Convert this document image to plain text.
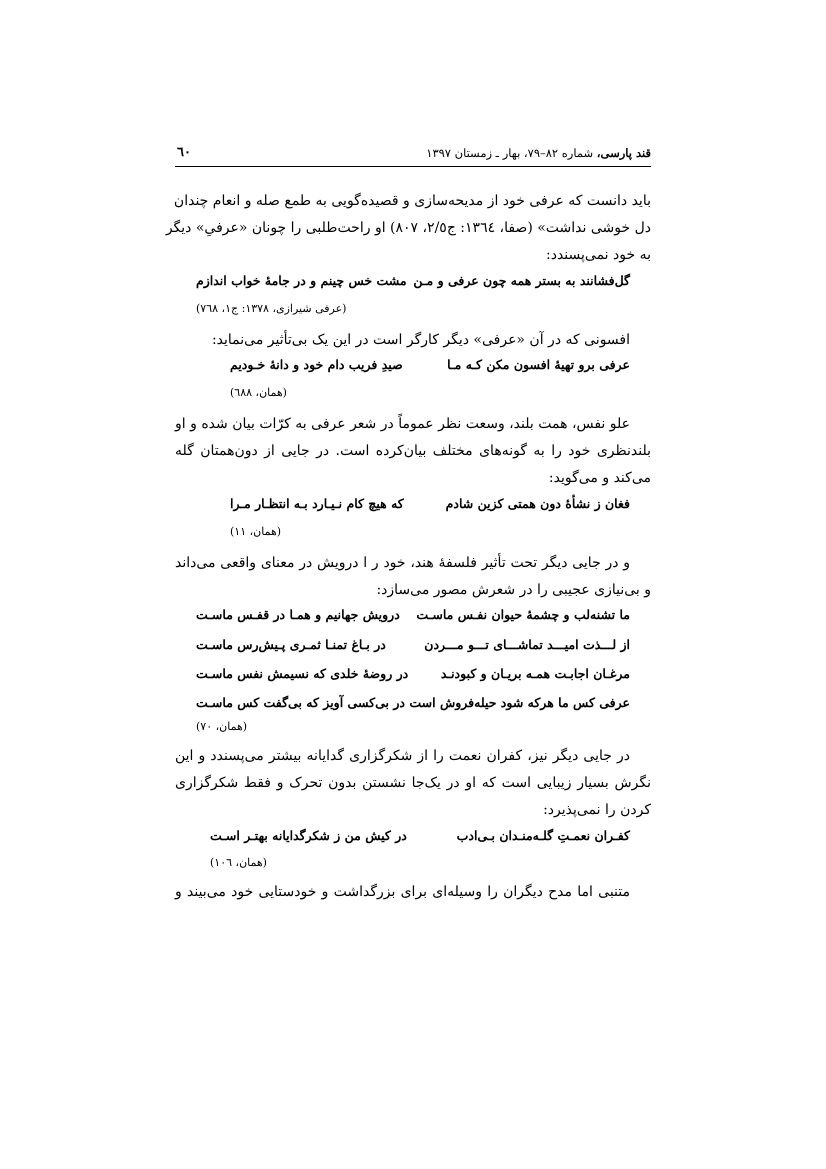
قند پارسی، شماره ۸۲–۷۹، بهار ـ زمستان ۱۳۹۷
٦٠
باید دانست که عرفی خود از مدیحه‌سازی و قصیده‌گویی به طمع صله و انعام چندان
دل خوشی نداشت» (صفا، ١٣٦٤: ج٢/٥، ٨٠٧) او راحت‌طلبی را چونان «عرفیِ» دیگر
به خود نمی‌پسندد:
گل‌فشانند به بستر همه چون عرفی و مـن
مشت خس چینم و در جامهٔ خواب اندازم
(عرفی شیرازی، ١٣٧٨: ج١، ٧٦٨)
افسونی که در آن «عرفی» دیگر کارگر است در این یک بی‌تأثیر می‌نماید:
عرفی برو تهیهٔ افسون مکن کـه مـا
صیدِ فریب دام خود و دانهٔ خـودیم
(همان، ٦٨٨)
علو نفس، همت بلند، وسعت نظر عموماً در شعر عرفی به کرّات بیان شده و او
بلندنظری خود را به گونه‌های مختلف بیان‌کرده است. در جایی از دون‌همتان گله
می‌کند و می‌گوید:
فغان ز نشأهٔ دون همتی کزین شادم
که هیچ کام نـیـارد بـه انتظـار مـرا
(همان، ١١)
و در جایی دیگر تحت تأثیر فلسفهٔ هند، خود ر ا درویش در معنای واقعی می‌داند
و بی‌نیازی عجیبی را در شعرش مصور می‌سازد:
ما تشنه‌لب و چشمهٔ حیوان نفـس ماسـت
درویش جهانیم و همـا در قفـس ماسـت
از لـــذت امیـــد تماشـــای تـــو مـــردن
در بـاغ تمنـا ثمـری پـیش‌رس ماسـت
مرغـان اجابـت همـه بریـان و کبودنـد
در روضهٔ خلدی که نسیمش نفس ماسـت
عرفی کس ما هرکه شود حیله‌فروش است
در بی‌کسی آویز که بی‌گفت کس ماسـت
(همان، ٧٠)
در جایی دیگر نیز، کفران نعمت را از شکرگزاری گدایانه بیشتر می‌پسندد و این
نگرش بسیار زیبایی است که او در یک‌جا نشستن بدون تحرک و فقط شکرگزاری
کردن را نمی‌پذیرد:
کفـران نعمـتِ گلـه‌منـدان بـی‌ادب
در کیش من ز شکرگدایانه بهتـر اسـت
(همان، ١٠٦)
متنبی اما مدح دیگران را وسیله‌ای برای بزرگداشت و خودستایی خود می‌بیند و
